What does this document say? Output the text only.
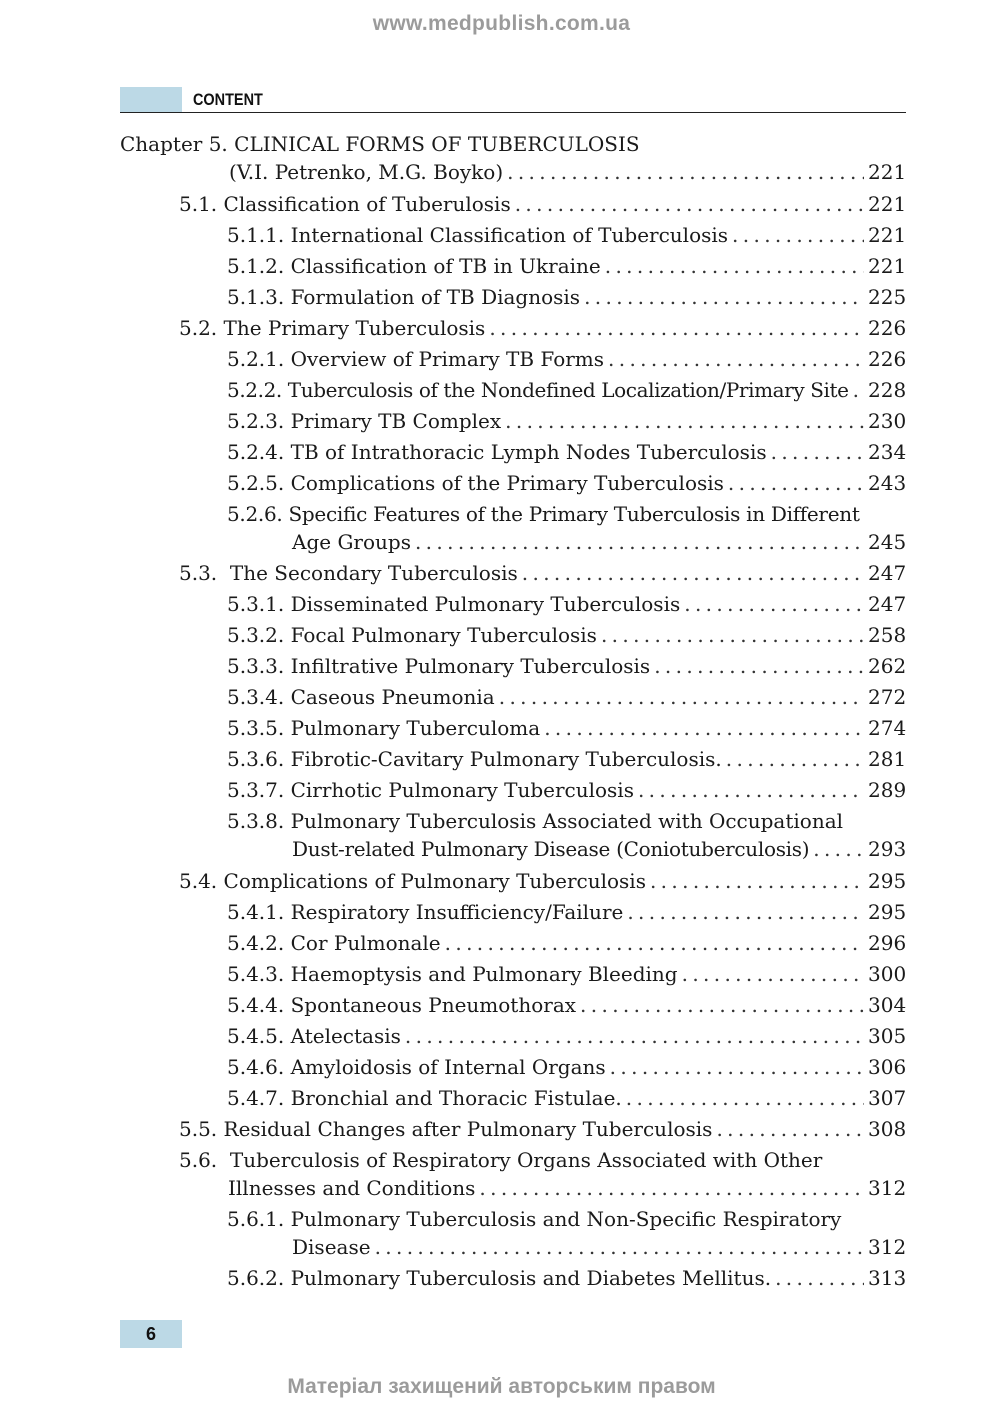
www.medpublish.com.ua
CONTENT
Chapter 5. CLINICAL FORMS OF TUBERCULOSIS
(V.I. Petrenko, M.G. Boyko) . . .	221
5.1. Classification of Tuberulosis . . .	221
5.1.1. International Classification of Tuberculosis . . .	221
5.1.2. Classification of TB in Ukraine . . .	221
5.1.3. Formulation of TB Diagnosis . . .	225
5.2. The Primary Tuberculosis . . .	226
5.2.1. Overview of Primary TB Forms . . .	226
5.2.2. Tuberculosis of the Nondefined Localization/Primary Site . . . 228
5.2.3. Primary TB Complex . . .	230
5.2.4. TB of Intrathoracic Lymph Nodes Tuberculosis . . .	234
5.2.5. Complications of the Primary Tuberculosis . . .	243
5.2.6. Specific Features of the Primary Tuberculosis in Different
Age Groups . . .	245
5.3.  The Secondary Tuberculosis . . .	247
5.3.1. Disseminated Pulmonary Tuberculosis . . .	247
5.3.2. Focal Pulmonary Tuberculosis . . .	258
5.3.3. Infiltrative Pulmonary Tuberculosis . . .	262
5.3.4. Caseous Pneumonia . . .	272
5.3.5. Pulmonary Tuberculoma . . .	274
5.3.6. Fibrotic-Cavitary Pulmonary Tuberculosis. . . .	281
5.3.7. Cirrhotic Pulmonary Tuberculosis . . .	289
5.3.8. Pulmonary Tuberculosis Associated with Occupational
Dust-related Pulmonary Disease (Coniotuberculosis) . . .	293
5.4. Complications of Pulmonary Tuberculosis . . .	295
5.4.1. Respiratory Insufficiency/Failure . . .	295
5.4.2. Cor Pulmonale . . .	296
5.4.3. Haemoptysis and Pulmonary Bleeding . . .	300
5.4.4. Spontaneous Pneumothorax . . .	304
5.4.5. Atelectasis . . .	305
5.4.6. Amyloidosis of Internal Organs . . .	306
5.4.7. Bronchial and Thoracic Fistulae. . . .	307
5.5. Residual Changes after Pulmonary Tuberculosis . . .	308
5.6.  Tuberculosis of Respiratory Organs Associated with Other
Illnesses and Conditions . . .	312
5.6.1. Pulmonary Tuberculosis and Non-Specific Respiratory
Disease . . .	312
5.6.2. Pulmonary Tuberculosis and Diabetes Mellitus. . . .	313
6
Матеріал захищений авторським правом
